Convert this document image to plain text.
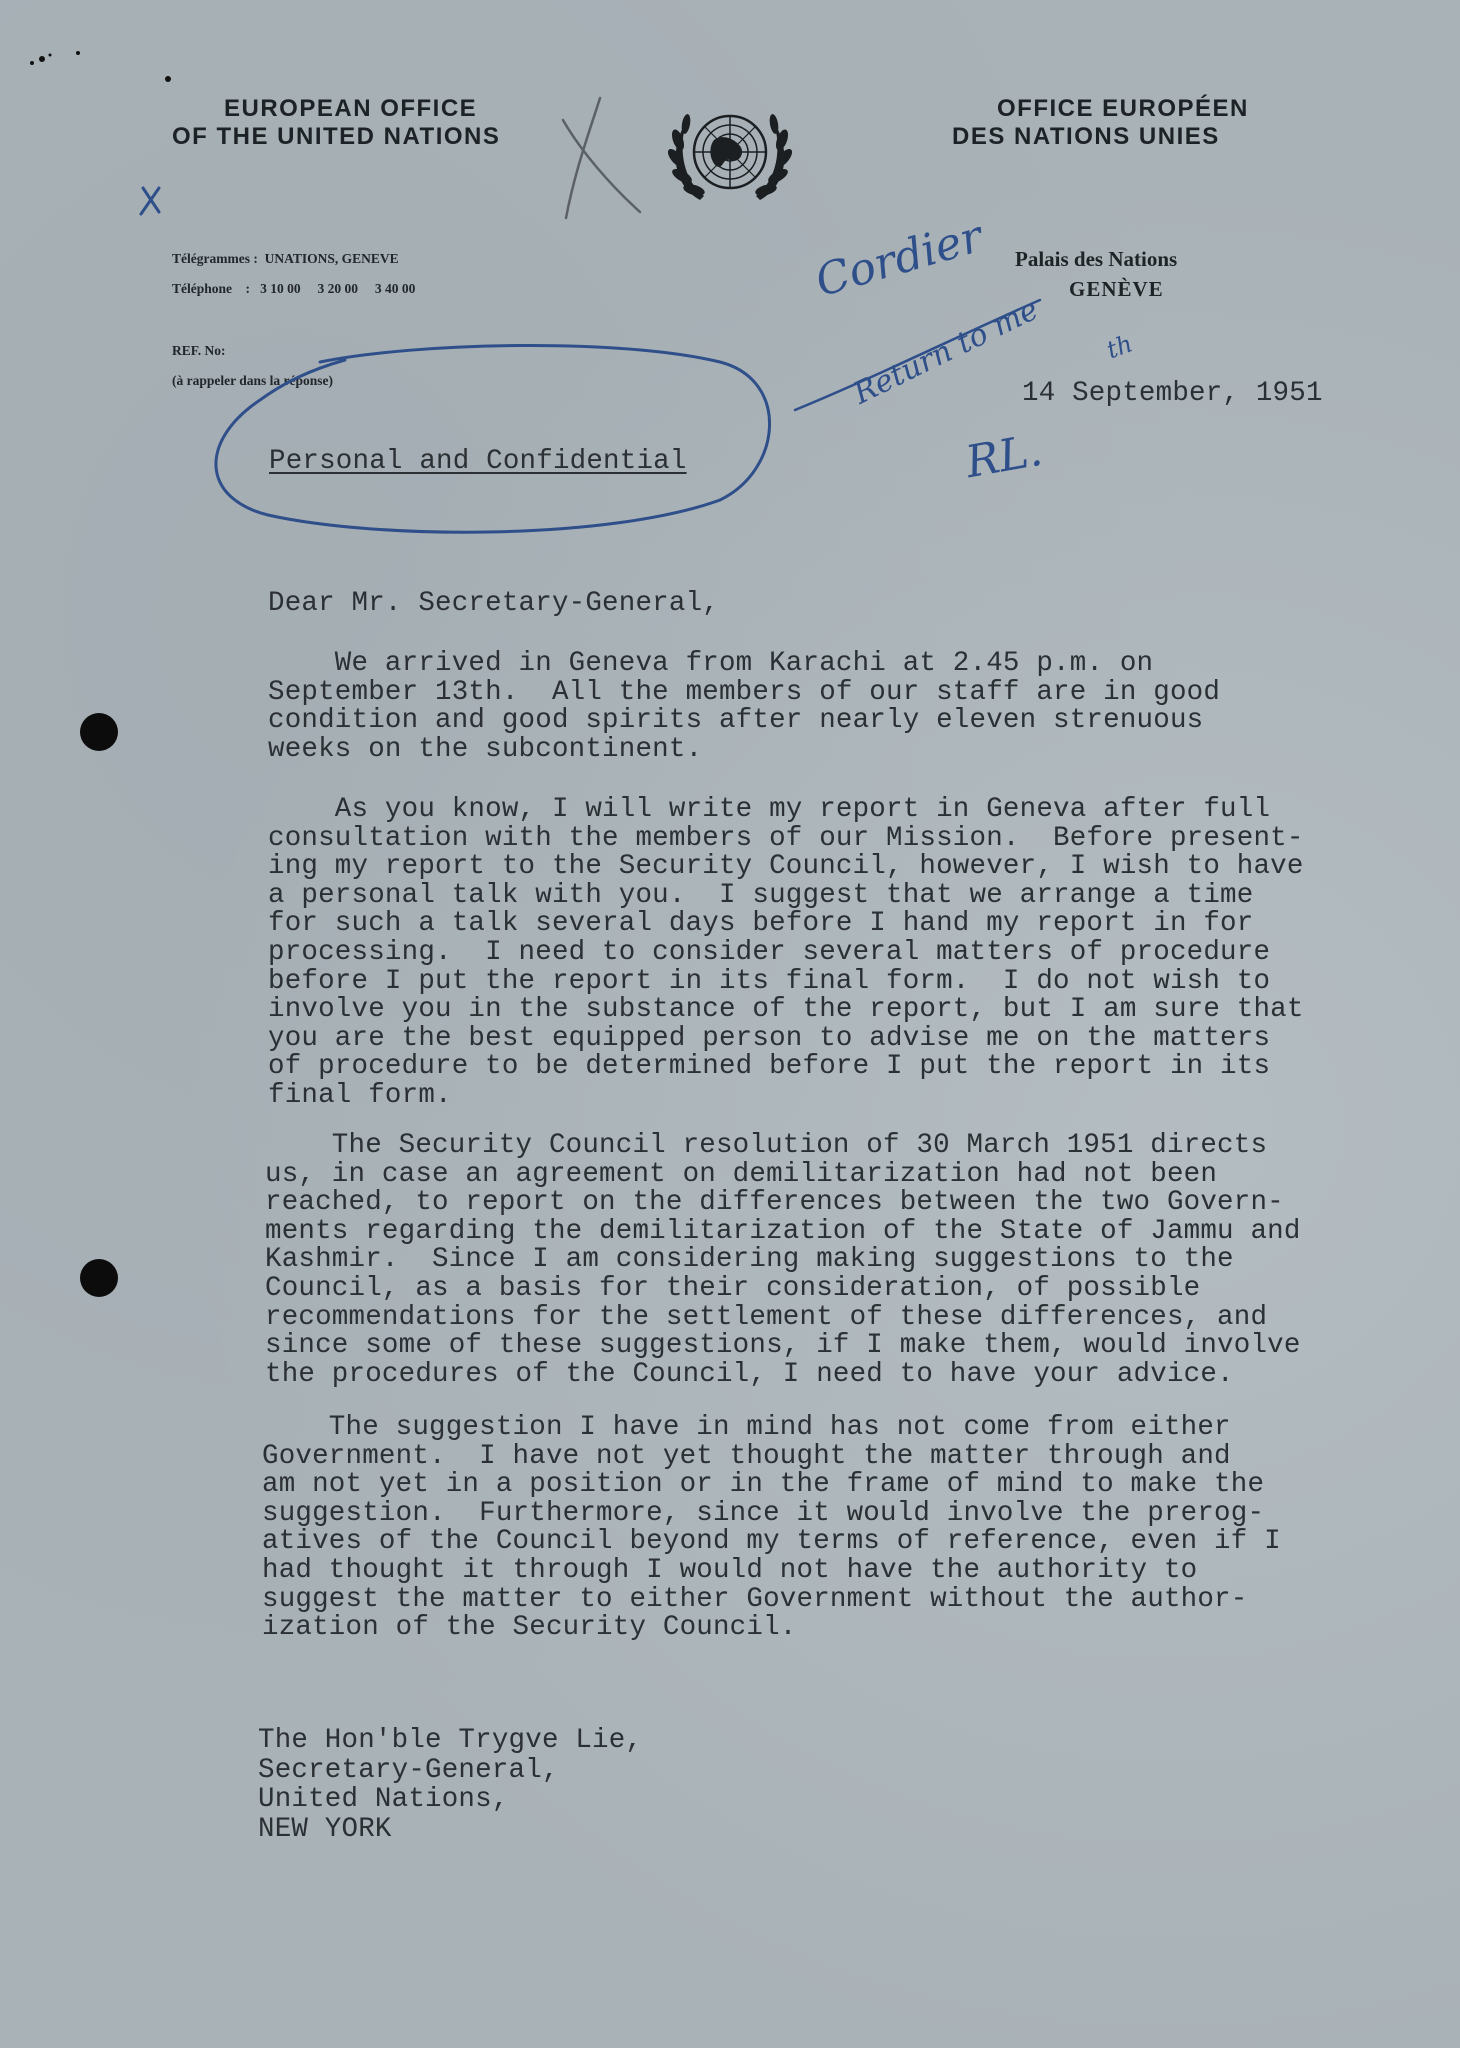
EUROPEAN OFFICE
OF THE UNITED NATIONS
OFFICE EUROPÉEN
DES NATIONS UNIES
Télégrammes :  UNATIONS, GENEVE
Téléphone    :   3 10 00     3 20 00     3 40 00
Palais des Nations
GENÈVE
REF. No:
(à rappeler dans la réponse)	14 September, 1951
Personal and Confidential
Cordier
Return to me th
RL.
Dear Mr. Secretary-General,
We arrived in Geneva from Karachi at 2.45 p.m. on
September 13th.  All the members of our staff are in good
condition and good spirits after nearly eleven strenuous
weeks on the subcontinent.
As you know, I will write my report in Geneva after full
consultation with the members of our Mission.  Before present-
ing my report to the Security Council, however, I wish to have
a personal talk with you.  I suggest that we arrange a time
for such a talk several days before I hand my report in for
processing.  I need to consider several matters of procedure
before I put the report in its final form.  I do not wish to
involve you in the substance of the report, but I am sure that
you are the best equipped person to advise me on the matters
of procedure to be determined before I put the report in its
final form.
The Security Council resolution of 30 March 1951 directs
us, in case an agreement on demilitarization had not been
reached, to report on the differences between the two Govern-
ments regarding the demilitarization of the State of Jammu and
Kashmir.  Since I am considering making suggestions to the
Council, as a basis for their consideration, of possible
recommendations for the settlement of these differences, and
since some of these suggestions, if I make them, would involve
the procedures of the Council, I need to have your advice.
The suggestion I have in mind has not come from either
Government.  I have not yet thought the matter through and
am not yet in a position or in the frame of mind to make the
suggestion.  Furthermore, since it would involve the prerog-
atives of the Council beyond my terms of reference, even if I
had thought it through I would not have the authority to
suggest the matter to either Government without the author-
ization of the Security Council.
The Hon'ble Trygve Lie,
Secretary-General,
United Nations,
NEW YORK
